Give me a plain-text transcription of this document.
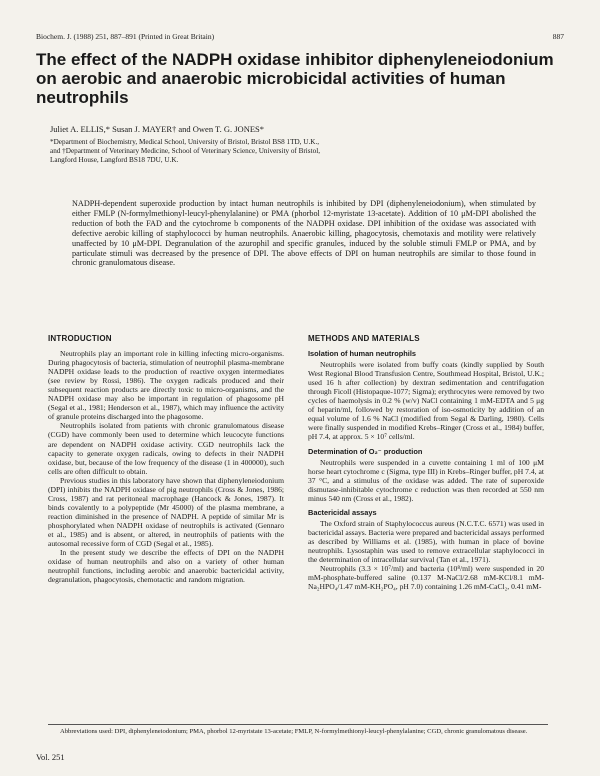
Biochem. J. (1988) 251, 887–891 (Printed in Great Britain)	887
The effect of the NADPH oxidase inhibitor diphenyleneiodonium on aerobic and anaerobic microbicidal activities of human neutrophils

Juliet A. ELLIS,* Susan J. MAYER† and Owen T. G. JONES*

*Department of Biochemistry, Medical School, University of Bristol, Bristol BS8 1TD, U.K.,
and †Department of Veterinary Medicine, School of Veterinary Science, University of Bristol,
Langford House, Langford BS18 7DU, U.K.

NADPH-dependent superoxide production by intact human neutrophils is inhibited by DPI (diphenyleneiodonium), when stimulated by either FMLP (N-formylmethionyl-leucyl-phenylalanine) or PMA (phorbol 12-myristate 13-acetate). Addition of 10 μM-DPI abolished the reduction of both the FAD and the cytochrome b components of the NADPH oxidase. DPI inhibition of the oxidase was associated with defective aerobic killing of staphylococci by human neutrophils. Anaerobic killing, phagocytosis, chemotaxis and motility were relatively unaffected by 10 μM-DPI. Degranulation of the azurophil and specific granules, induced by the soluble stimuli FMLP or PMA, and by particulate stimuli was decreased by the presence of DPI. The above effects of DPI on human neutrophils are similar to those found in chronic granulomatous disease.

INTRODUCTION

Neutrophils play an important role in killing infecting micro-organisms. During phagocytosis of bacteria, stimulation of neutrophil plasma-membrane NADPH oxidase leads to the production of reactive oxygen intermediates (see review by Rossi, 1986). The oxygen radicals produced and their subsequent reaction products are directly toxic to micro-organisms, and the NADPH oxidase may also be important in regulation of phagosome pH (Segal et al., 1981; Henderson et al., 1987), which may influence the activity of granule proteins discharged into the phagosome.

Neutrophils isolated from patients with chronic granulomatous disease (CGD) have commonly been used to determine which leucocyte functions are dependent on NADPH oxidase activity. CGD neutrophils lack the capacity to generate oxygen radicals, owing to defects in their NADPH oxidase, but, because of the low frequency of the disease (1 in 400000), such cells are often difficult to obtain.

Previous studies in this laboratory have shown that diphenyleneiodonium (DPI) inhibits the NADPH oxidase of pig neutrophils (Cross & Jones, 1986; Cross, 1987) and rat peritoneal macrophage (Hancock & Jones, 1987). It binds covalently to a polypeptide (Mr 45000) of the plasma membrane, a reaction diminished in the presence of NADPH. A peptide of similar Mr is phosphorylated when NADPH oxidase of neutrophils is activated (Gennaro et al., 1985) and is absent, or altered, in neutrophils of patients with the autosomal recessive form of CGD (Segal et al., 1985).

In the present study we describe the effects of DPI on the NADPH oxidase of human neutrophils and also on a variety of other human neutrophil functions, including aerobic and anaerobic bactericidal activity, degranulation, phagocytosis, chemotactic and random migration.

METHODS AND MATERIALS
Isolation of human neutrophils

Neutrophils were isolated from buffy coats (kindly supplied by South West Regional Blood Transfusion Centre, Southmead Hospital, Bristol, U.K.; used 16 h after collection) by dextran sedimentation and centrifugation through Ficoll (Histopaque-1077; Sigma); erythrocytes were removed by two cycles of haemolysis in 0.2 % (w/v) NaCl containing 1 mM-EDTA and 5 μg of heparin/ml, followed by restoration of iso-osmoticity by addition of an equal volume of 1.6 % NaCl (modified from Segal & Darling, 1980). Cells were finally suspended in modified Krebs–Ringer (Cross et al., 1984) buffer, pH 7.4, at approx. 5 × 10⁷ cells/ml.

Determination of O₂⁻ production

Neutrophils were suspended in a cuvette containing 1 ml of 100 μM horse heart cytochrome c (Sigma, type III) in Krebs–Ringer buffer, pH 7.4, at 37 °C, and a stimulus of the oxidase was added. The rate of superoxide dismutase-inhibitable cytochrome c reduction was then recorded at 550 nm minus 540 nm (Cross et al., 1982).

Bactericidal assays

The Oxford strain of Staphylococcus aureus (N.C.T.C. 6571) was used in bactericidal assays. Bacteria were prepared and bactericidal assays performed as described by Williams et al. (1985), with human in place of bovine neutrophils. Lysostaphin was used to remove extracellular staphylococci in the determination of intracellular survival (Tan et al., 1971).

Neutrophils (3.3 × 10⁷/ml) and bacteria (10⁸/ml) were suspended in 20 mM-phosphate-buffered saline (0.137 M-NaCl/2.68 mM-KCl/8.1 mM-Na₂HPO₄/1.47 mM-KH₂PO₄, pH 7.0) containing 1.26 mM-CaCl₂, 0.41 mM-

Abbreviations used: DPI, diphenyleneiodonium; PMA, phorbol 12-myristate 13-acetate; FMLP, N-formylmethionyl-leucyl-phenylalanine; CGD, chronic granulomatous disease.

Vol. 251
